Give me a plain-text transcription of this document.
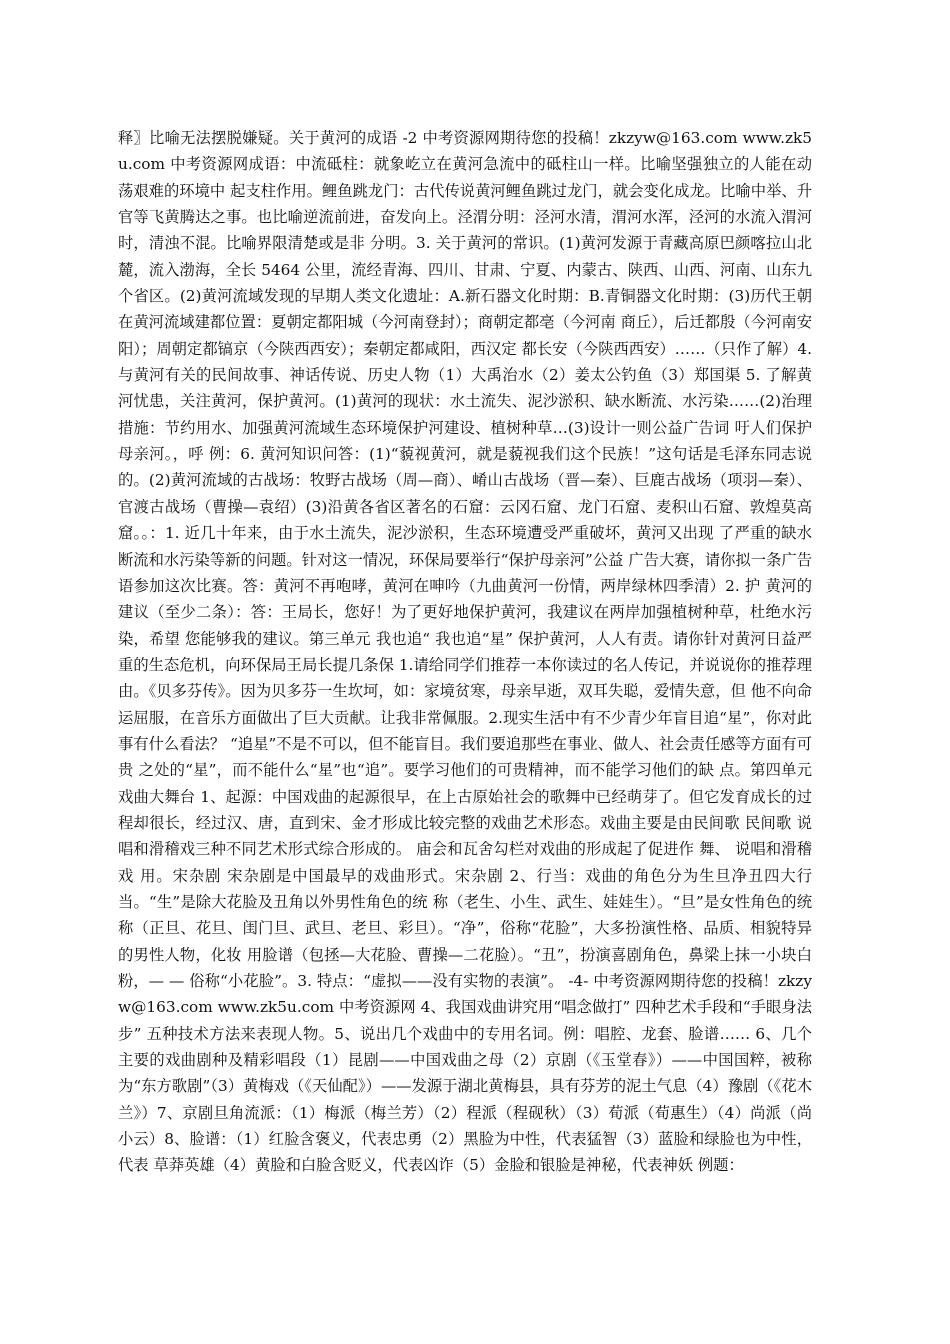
释〗比喻无法摆脱嫌疑。关于黄河的成语 -2 中考资源网期待您的投稿！zkzyw@163.com www.zk5u.com 中考资源网成语：中流砥柱：就象屹立在黄河急流中的砥柱山一样。比喻坚强独立的人能在动荡艰难的环境中 起支柱作用。鲤鱼跳龙门：古代传说黄河鲤鱼跳过龙门，就会变化成龙。比喻中举、升官等飞黄腾达之事。也比喻逆流前进，奋发向上。泾渭分明：泾河水清，渭河水浑，泾河的水流入渭河时，清浊不混。比喻界限清楚或是非 分明。3. 关于黄河的常识。(1)黄河发源于青藏高原巴颜喀拉山北麓，流入渤海，全长 5464 公里，流经青海、四川、甘肃、宁夏、内蒙古、陕西、山西、河南、山东九个省区。(2)黄河流域发现的早期人类文化遗址：A.新石器文化时期：B.青铜器文化时期：(3)历代王朝在黄河流域建都位置：夏朝定都阳城（今河南登封）；商朝定都亳（今河南 商丘），后迁都殷（今河南安阳）；周朝定都镐京（今陕西西安）；秦朝定都咸阳，西汉定 都长安（今陕西西安）……（只作了解）4. 与黄河有关的民间故事、神话传说、历史人物（1）大禹治水（2）姜太公钓鱼（3）郑国渠 5. 了解黄河忧患，关注黄河，保护黄河。(1)黄河的现状：水土流失、泥沙淤积、缺水断流、水污染……(2)治理措施：节约用水、加强黄河流域生态环境保护河建设、植树种草…(3)设计一则公益广告词 吁人们保护母亲河。，呼 例：6. 黄河知识问答：(1)“藐视黄河，就是藐视我们这个民族！”这句话是毛泽东同志说的。(2)黄河流域的古战场：牧野古战场（周—商）、崤山古战场（晋—秦）、巨鹿古战场（项羽—秦）、官渡古战场（曹操—袁绍）(3)沿黄各省区著名的石窟：云冈石窟、龙门石窟、麦积山石窟、敦煌莫高窟。。：1. 近几十年来，由于水土流失，泥沙淤积，生态环境遭受严重破坏，黄河又出现 了严重的缺水断流和水污染等新的问题。针对这一情况，环保局要举行“保护母亲河”公益 广告大赛，请你拟一条广告语参加这次比赛。答：黄河不再咆哮，黄河在呻吟（九曲黄河一份情，两岸绿林四季清）2. 护 黄河的建议（至少二条）：答：王局长，您好！为了更好地保护黄河，我建议在两岸加强植树种草，杜绝水污染，希望 您能够我的建议。第三单元 我也追“ 我也追“星” 保护黄河，人人有责。请你针对黄河日益严重的生态危机，向环保局王局长提几条保 1.请给同学们推荐一本你读过的名人传记，并说说你的推荐理由。《贝多芬传》。因为贝多芬一生坎坷，如：家境贫寒，母亲早逝，双耳失聪，爱情失意，但 他不向命运屈服，在音乐方面做出了巨大贡献。让我非常佩服。2.现实生活中有不少青少年盲目追“星”，你对此事有什么看法？ “追星”不是不可以，但不能盲目。我们要追那些在事业、做人、社会责任感等方面有可贵 之处的“星”，而不能什么“星”也“追”。要学习他们的可贵精神，而不能学习他们的缺 点。第四单元 戏曲大舞台 1、起源：中国戏曲的起源很早，在上古原始社会的歌舞中已经萌芽了。但它发育成长的过 程却很长，经过汉、唐，直到宋、金才形成比较完整的戏曲艺术形态。戏曲主要是由民间歌 民间歌 说唱和滑稽戏三种不同艺术形式综合形成的。 庙会和瓦舍勾栏对戏曲的形成起了促进作 舞、 说唱和滑稽戏 用。宋杂剧 宋杂剧是中国最早的戏曲形式。宋杂剧 2、行当：戏曲的角色分为生旦净丑四大行当。“生”是除大花脸及丑角以外男性角色的统 称（老生、小生、武生、娃娃生）。“旦”是女性角色的统称（正旦、花旦、闺门旦、武旦、老旦、彩旦）。“净”，俗称“花脸”，大多扮演性格、品质、相貌特异的男性人物，化妆 用脸谱（包拯—大花脸、曹操—二花脸）。“丑”，扮演喜剧角色，鼻梁上抹一小块白粉，— — 俗称“小花脸”。3. 特点：“虚拟——没有实物的表演”。 -4- 中考资源网期待您的投稿！zkzyw@163.com www.zk5u.com 中考资源网 4、我国戏曲讲究用“唱念做打” 四种艺术手段和“手眼身法步” 五种技术方法来表现人物。5、说出几个戏曲中的专用名词。例：唱腔、龙套、脸谱…… 6、几个主要的戏曲剧种及精彩唱段（1）昆剧——中国戏曲之母（2）京剧（《玉堂春》）——中国国粹，被称为“东方歌剧”（3）黄梅戏（《天仙配》）——发源于湖北黄梅县，具有芬芳的泥土气息（4）豫剧（《花木兰》）7、京剧旦角流派：（1）梅派（梅兰芳）（2）程派（程砚秋）（3）荀派（荀惠生）（4）尚派（尚小云）8、脸谱：（1）红脸含褒义，代表忠勇（2）黑脸为中性，代表猛智（3）蓝脸和绿脸也为中性，代表 草莽英雄（4）黄脸和白脸含贬义，代表凶诈（5）金脸和银脸是神秘，代表神妖 例题：
